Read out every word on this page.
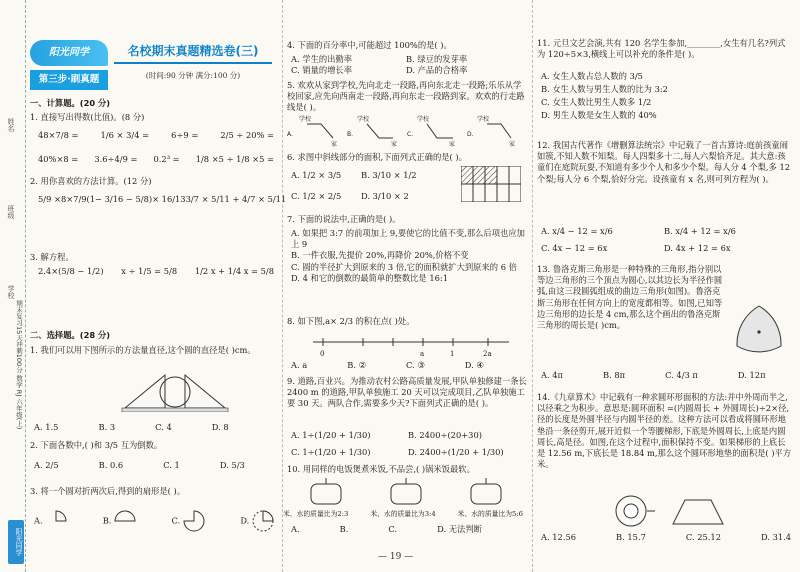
姓名
班级
学校
期末复习15天冲刺100分 数学 RJ 六年级(上)
阳光同学
阳光同学
第三步·刷真题
名校期末真题精选卷(三)
(时间:90 分钟 满分:100 分)
一、计算题。(20 分)
1. 直接写出得数(比值)。(8 分)
48×7/8 =	1/6 × 3/4 =	6÷9 =	2/5 ÷ 20% =
40%×8 = 3.6÷4/9 = 0.2³ = 1/8 ×5 ÷ 1/8 ×5 =
2. 用你喜欢的方法计算。(12 分)
5/9 ×8×7/9 (1− 3/16 − 5/8)× 16/13 3/7 × 5/11 + 4/7 × 5/11
3. 解方程。
2.4×(5/8 − 1/2) x ÷ 1/5 = 5/8 1/2 x + 1/4 x = 5/8
二、选择题。(28 分)
1. 我们可以用下图所示的方法量直径,这个圆的直径是( )cm。
A. 1.5	B. 3	C. 4	D. 8
2. 下面各数中,( )和 3/5 互为倒数。
A. 2/5	B. 0.6	C. 1	D. 5/3
3. 将一个圆对折两次后,得到的扇形是( )。
A.	B.	C.	D.
4. 下面的百分率中,可能超过 100%的是( )。
A. 学生的出勤率	B. 绿豆的发芽率
C. 销量的增长率	D. 产品的合格率
5. 欢欢从家到学校,先向北走一段路,再向东北走一段路;乐乐从学校回家,应先向西南走一段路,再向东走一段路到家。欢欢的行走路线是( )。
A.	B.	C.	D.
学校
家
学校
家
学校
家
学校
家
6. 求图中斜线部分的面积,下面列式正确的是( )。
A. 1/2 × 3/5	B. 3/10 × 1/2
C. 1/2 × 2/5	D. 3/10 × 2
7. 下面的说法中,正确的是( )。
A. 如果把 3:7 的前项加上 9,要使它的比值不变,那么后项也应加上 9
B. 一件衣服,先提价 20%,再降价 20%,价格不变
C. 圆的半径扩大到原来的 3 倍,它的面积就扩大到原来的 6 倍
D. 4 和它的倒数的最简单的整数比是 16:1
8. 如下图,a× 2/3 的积在点( )处。
0	a	1	2a
A. a	B. ②	C. ③	D. ④
9. 道路,百业兴。为推动农村公路高质量发展,甲队单独修建一条长 2400 m 的道路,甲队单独施工 20 天可以完成项目,乙队单独施工要 30 天。两队合作,需要多少天?下面列式正确的是( )。
A. 1÷(1/20 + 1/30)	B. 2400÷(20+30)
C. 1÷(1/20 + 1/30)	D. 2400÷(1/20 + 1/30)
10. 用同样的电饭煲煮米饭,不品尝,( )锅米饭最软。
米、水的质量比为2:3	米、水的质量比为3:4	米、水的质量比为5:6
A.	B.	C.	D. 无法判断
11. 元旦文艺会演,共有 120 名学生参加,________,女生有几名?列式为 120÷5×3,横线上可以补充的条件是( )。
A. 女生人数占总人数的 3/5
B. 女生人数与男生人数的比为 3:2
C. 女生人数比男生人数多 1/2
D. 男生人数是女生人数的 40%
12. 我国古代著作《增删算法统宗》中记载了一首古算诗:庭前孩童闹如簇,不知人数不知梨。每人四梨多十二,每人六梨恰齐足。其大意:孩童们在庭院玩耍,不知道有多少个人和多少个梨。每人分 4 个梨,多 12 个梨;每人分 6 个梨,恰好分完。设孩童有 x 名,则可列方程为( )。
A. x/4 − 12 = x/6	B. x/4 + 12 = x/6
C. 4x − 12 = 6x	D. 4x + 12 = 6x
13. 鲁洛克斯三角形是一种特殊的三角形,指分别以等边三角形的三个顶点为圆心,以其边长为半径作圆弧,由这三段圆弧组成的曲边三角形(如图)。鲁洛克斯三角形在任何方向上的宽度都相等。如图,已知等边三角形的边长是 4 cm,那么这个画出的鲁洛克斯三角形的周长是( )cm。
A. 4π	B. 8π	C. 4/3 π	D. 12π
14.《九章算术》中记载有一种求圆环形面积的方法:并中外周而半之,以径乘之为积步。意思是:圆环面积 =(内圆周长 + 外圆周长)÷2×径,径的长度是外圆半径与内圆半径的差。这种方法可以看成将圆环形地垫沿一条径剪开,展开近似一个等腰梯形,下底是外圆周长,上底是内圆周长,高是径。如图,在这个过程中,面积保持不变。如果梯形的上底长是 12.56 m,下底长是 18.84 m,那么这个圆环形地垫的面积是( )平方米。
A. 12.56	B. 15.7	C. 25.12	D. 31.4
— 19 —
